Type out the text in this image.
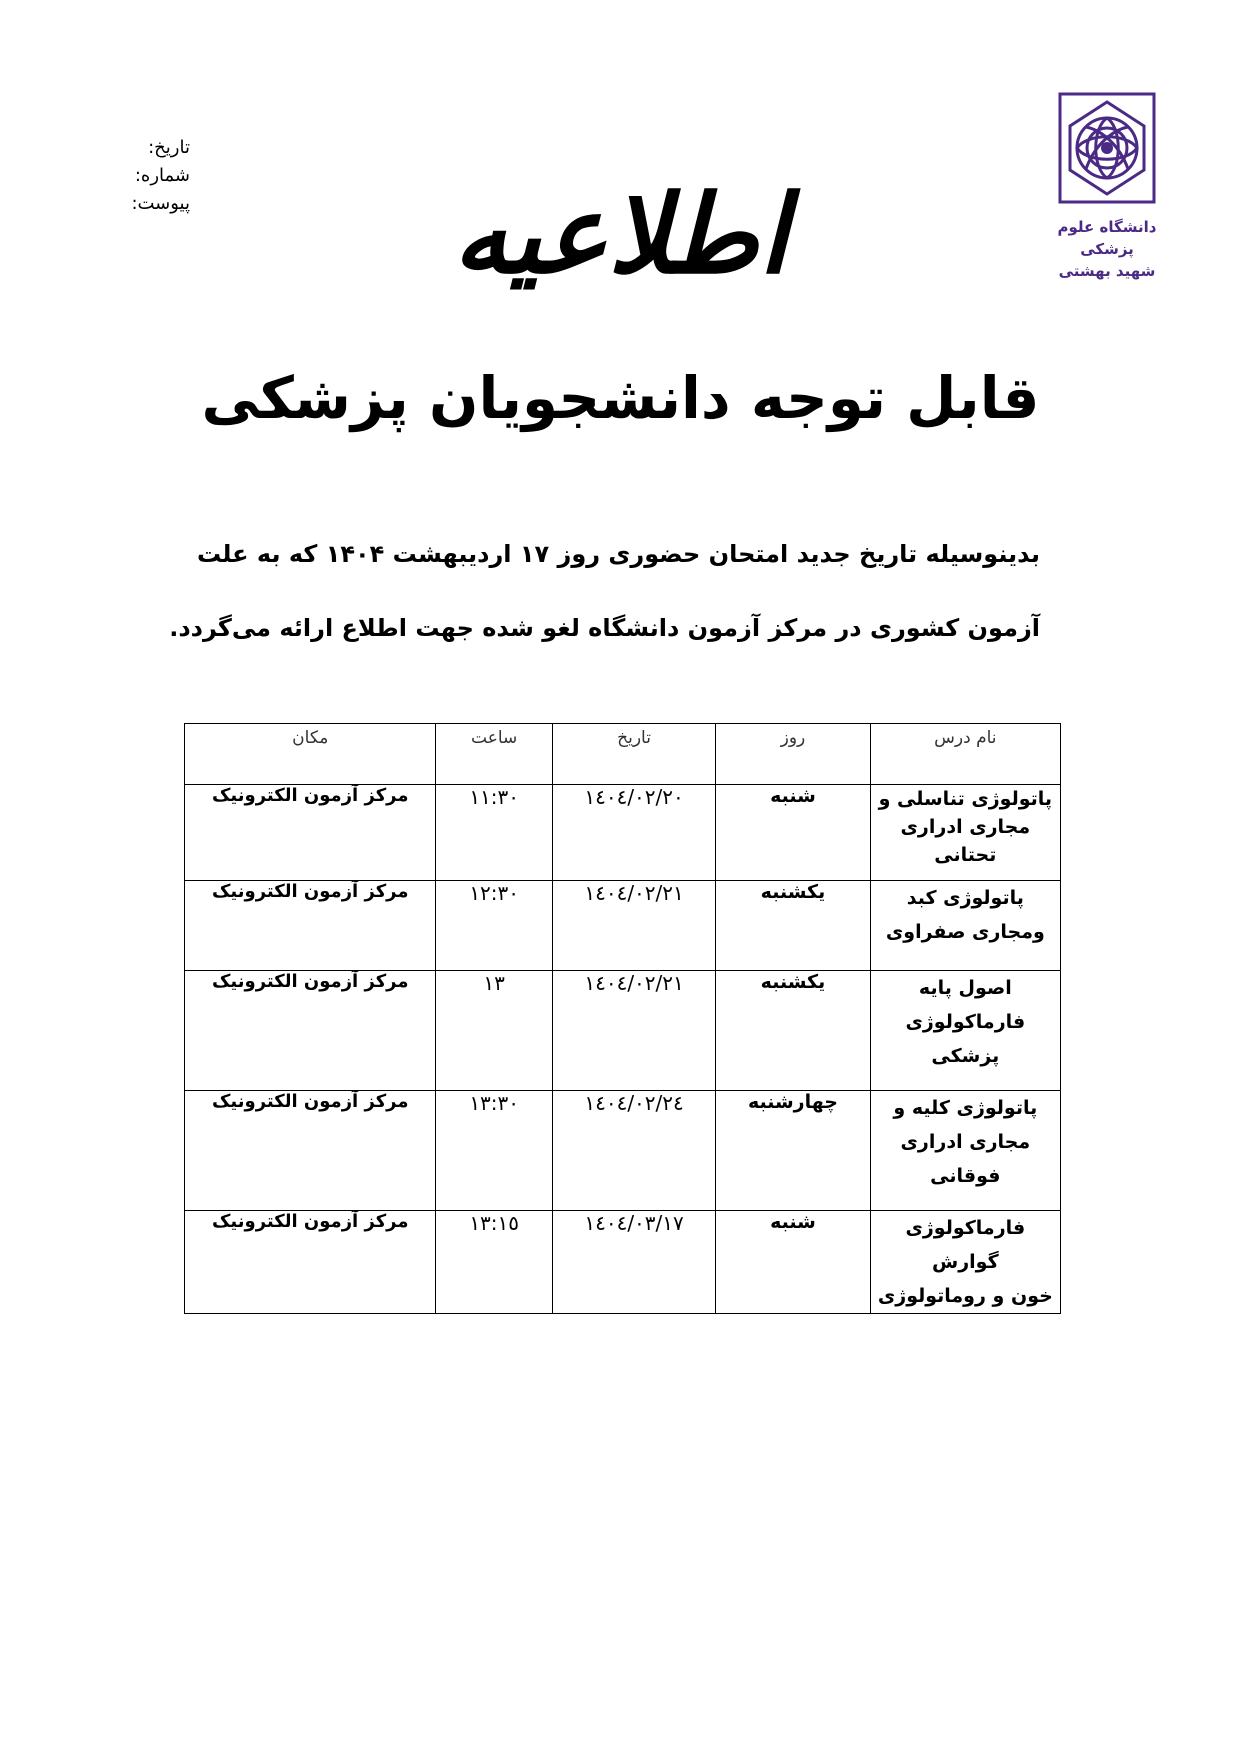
تاریخ:
شماره:
پیوست:
دانشگاه علوم پزشکی
شهید بهشتی
اطلاعیه
قابل توجه دانشجویان پزشکی
بدینوسیله تاریخ جدید امتحان حضوری روز ۱۷ اردیبهشت ۱۴۰۴ که به علت
آزمون کشوری در مرکز آزمون دانشگاه لغو شده جهت اطلاع ارائه می‌گردد.
نام درس	روز	تاریخ	ساعت	مکان

پاتولوژی تناسلی و
مجاری ادراری
تحتانی	شنبه	١٤٠٤/٠٢/٢٠	١١:٣٠	مرکز آزمون الکترونیک

پاتولوژی کبد
ومجاری صفراوی	یکشنبه	١٤٠٤/٠٢/٢١	١٢:٣٠	مرکز آزمون الکترونیک

اصول پایه
فارماکولوژی
پزشکی	یکشنبه	١٤٠٤/٠٢/٢١	١٣	مرکز آزمون الکترونیک

پاتولوژی کلیه و
مجاری ادراری
فوقانی	چهارشنبه	١٤٠٤/٠٢/٢٤	١٣:٣٠	مرکز آزمون الکترونیک

فارماکولوژی گوارش
خون و روماتولوژی	شنبه	١٤٠٤/٠٣/١٧	١٣:١٥	مرکز آزمون الکترونیک
